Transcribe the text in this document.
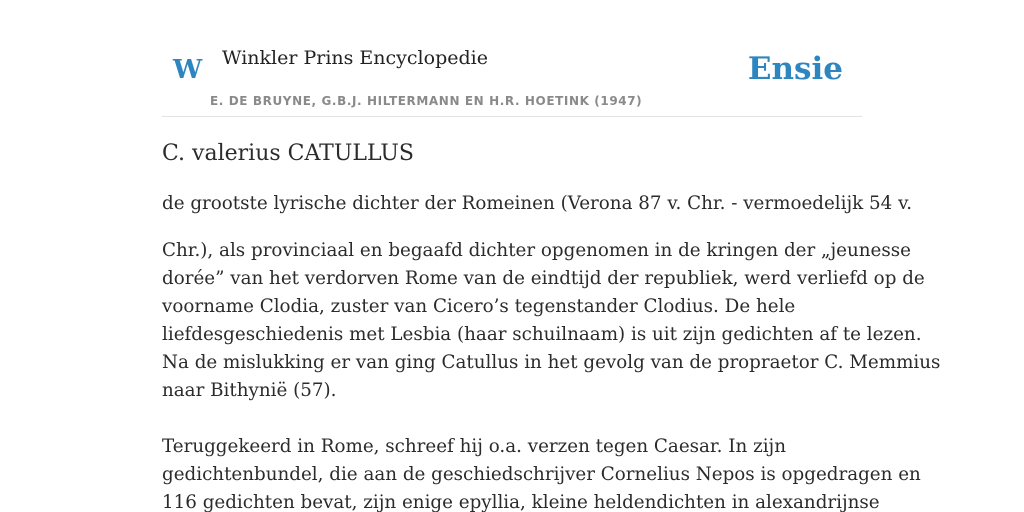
W Winkler Prins Encyclopedie
E. DE BRUYNE, G.B.J. HILTERMANN EN H.R. HOETINK (1947)
Ensie
C. valerius CATULLUS

de grootste lyrische dichter der Romeinen (Verona 87 v. Chr. - vermoedelijk 54 v.

Chr.), als provinciaal en begaafd dichter opgenomen in de kringen der „jeunesse
dorée” van het verdorven Rome van de eindtijd der republiek, werd verliefd op de
voorname Clodia, zuster van Cicero’s tegenstander Clodius. De hele
liefdesgeschiedenis met Lesbia (haar schuilnaam) is uit zijn gedichten af te lezen.
Na de mislukking er van ging Catullus in het gevolg van de propraetor C. Memmius
naar Bithynië (57).
Teruggekeerd in Rome, schreef hij o.a. verzen tegen Caesar. In zijn
gedichtenbundel, die aan de geschiedschrijver Cornelius Nepos is opgedragen en
116 gedichten bevat, zijn enige epyllia, kleine heldendichten in alexandrijnse
